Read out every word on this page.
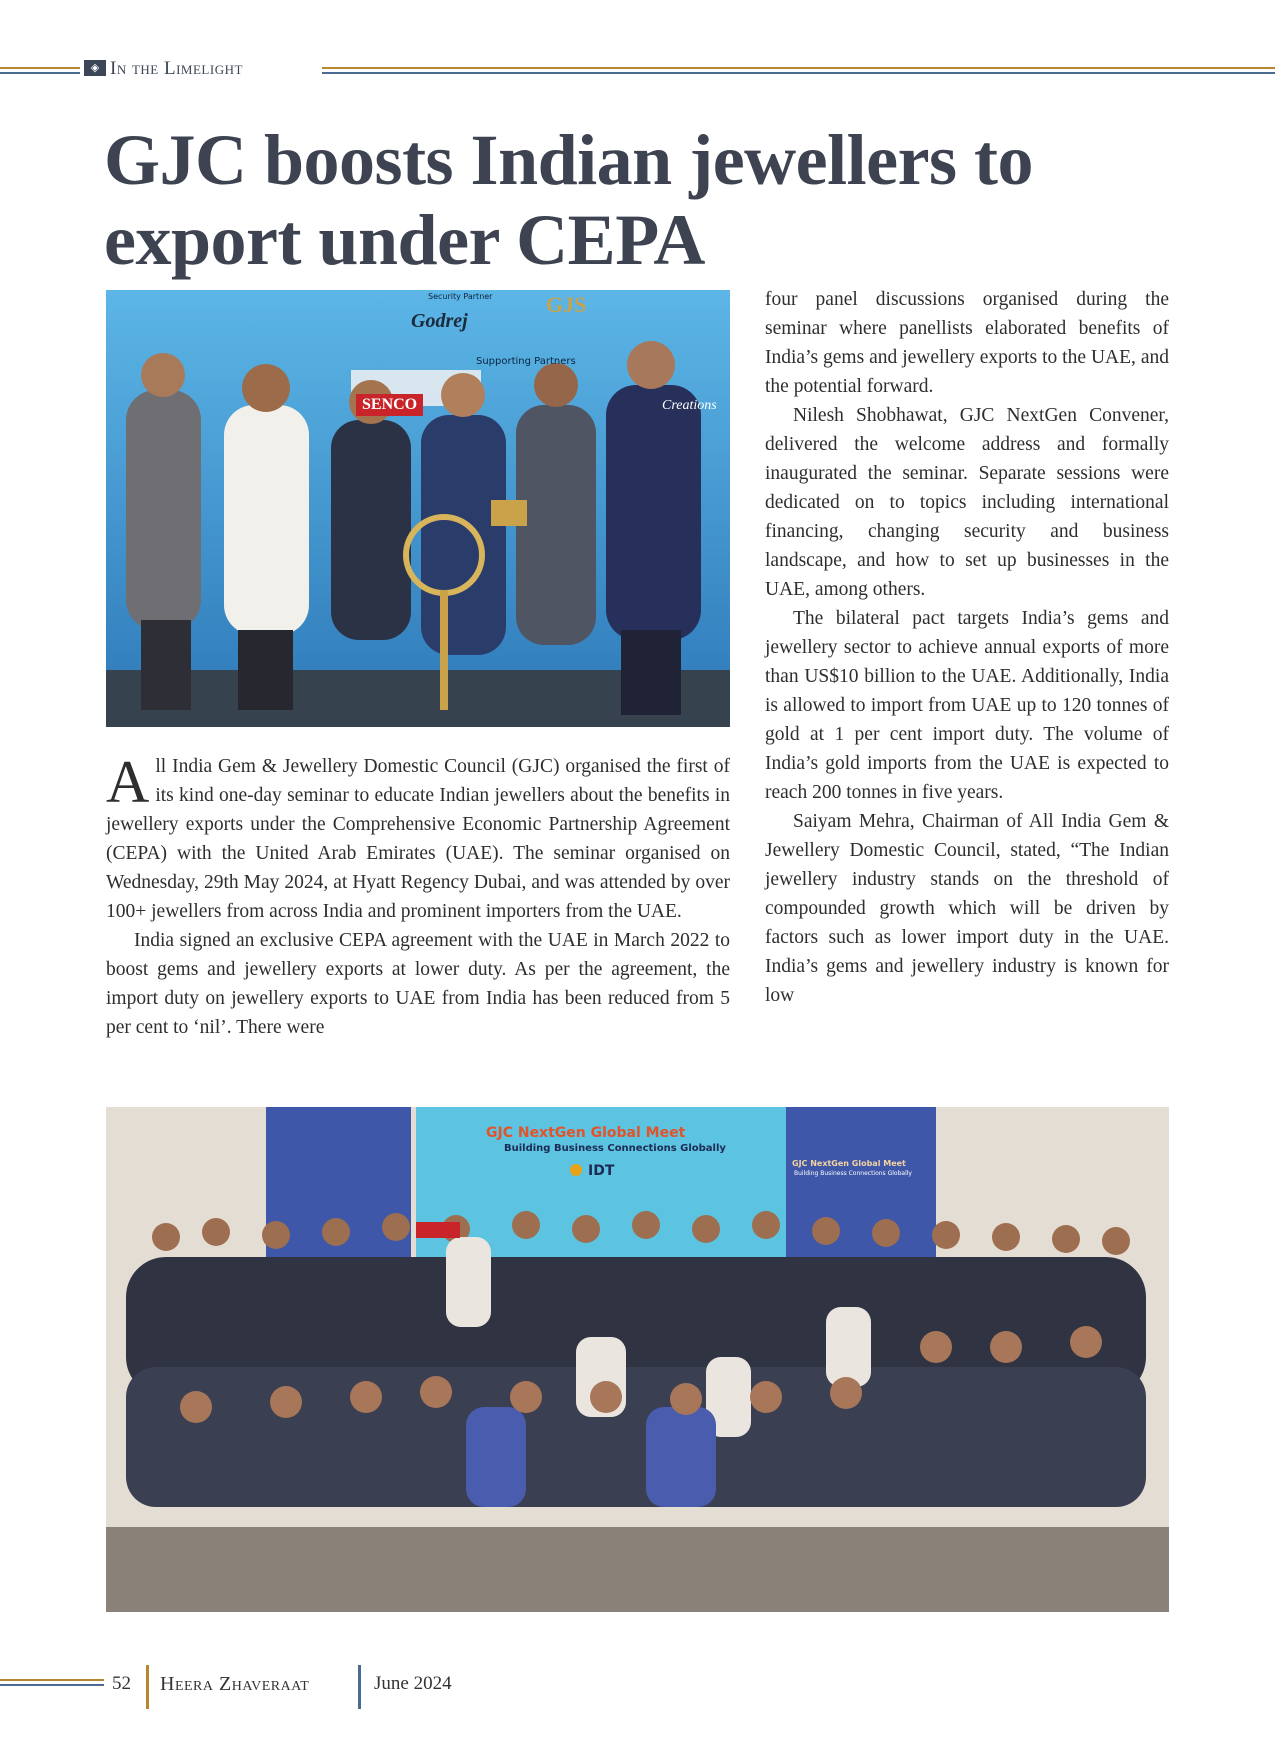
◈ In the Limelight
GJC boosts Indian jewellers to
export under CEPA
Security Partner
Godrej
GJS
Supporting Partners
SENCO	Creations

All India Gem & Jewellery Domestic Council (GJC) organised the first of its kind one-day seminar to educate Indian jewellers about the benefits in jewellery exports under the Comprehensive Economic Partnership Agreement (CEPA) with the United Arab Emirates (UAE). The seminar organised on Wednesday, 29th May 2024, at Hyatt Regency Dubai, and was attended by over 100+ jewellers from across India and prominent importers from the UAE.

India signed an exclusive CEPA agreement with the UAE in March 2022 to boost gems and jewellery exports at lower duty. As per the agreement, the import duty on jewellery exports to UAE from India has been reduced from 5 per cent to ‘nil’. There were

four panel discussions organised during the seminar where panellists elaborated benefits of India’s gems and jewellery exports to the UAE, and the potential forward.

Nilesh Shobhawat, GJC NextGen Convener, delivered the welcome address and formally inaugurated the seminar. Separate sessions were dedicated on to topics including international financing, changing security and business landscape, and how to set up businesses in the UAE, among others.

The bilateral pact targets India’s gems and jewellery sector to achieve annual exports of more than US$10 billion to the UAE. Additionally, India is allowed to import from UAE up to 120 tonnes of gold at 1 per cent import duty. The volume of India’s gold imports from the UAE is expected to reach 200 tonnes in five years.

Saiyam Mehra, Chairman of All India Gem & Jewellery Domestic Council, stated, “The Indian jewellery industry stands on the threshold of compounded growth which will be driven by factors such as lower import duty in the UAE. India’s gems and jewellery industry is known for low

GJC NextGen Global Meet
Building Business Connections Globally
IDT	GJC NextGen Global Meet
Building Business Connections Globally
52 Heera Zhaveraat	June 2024
